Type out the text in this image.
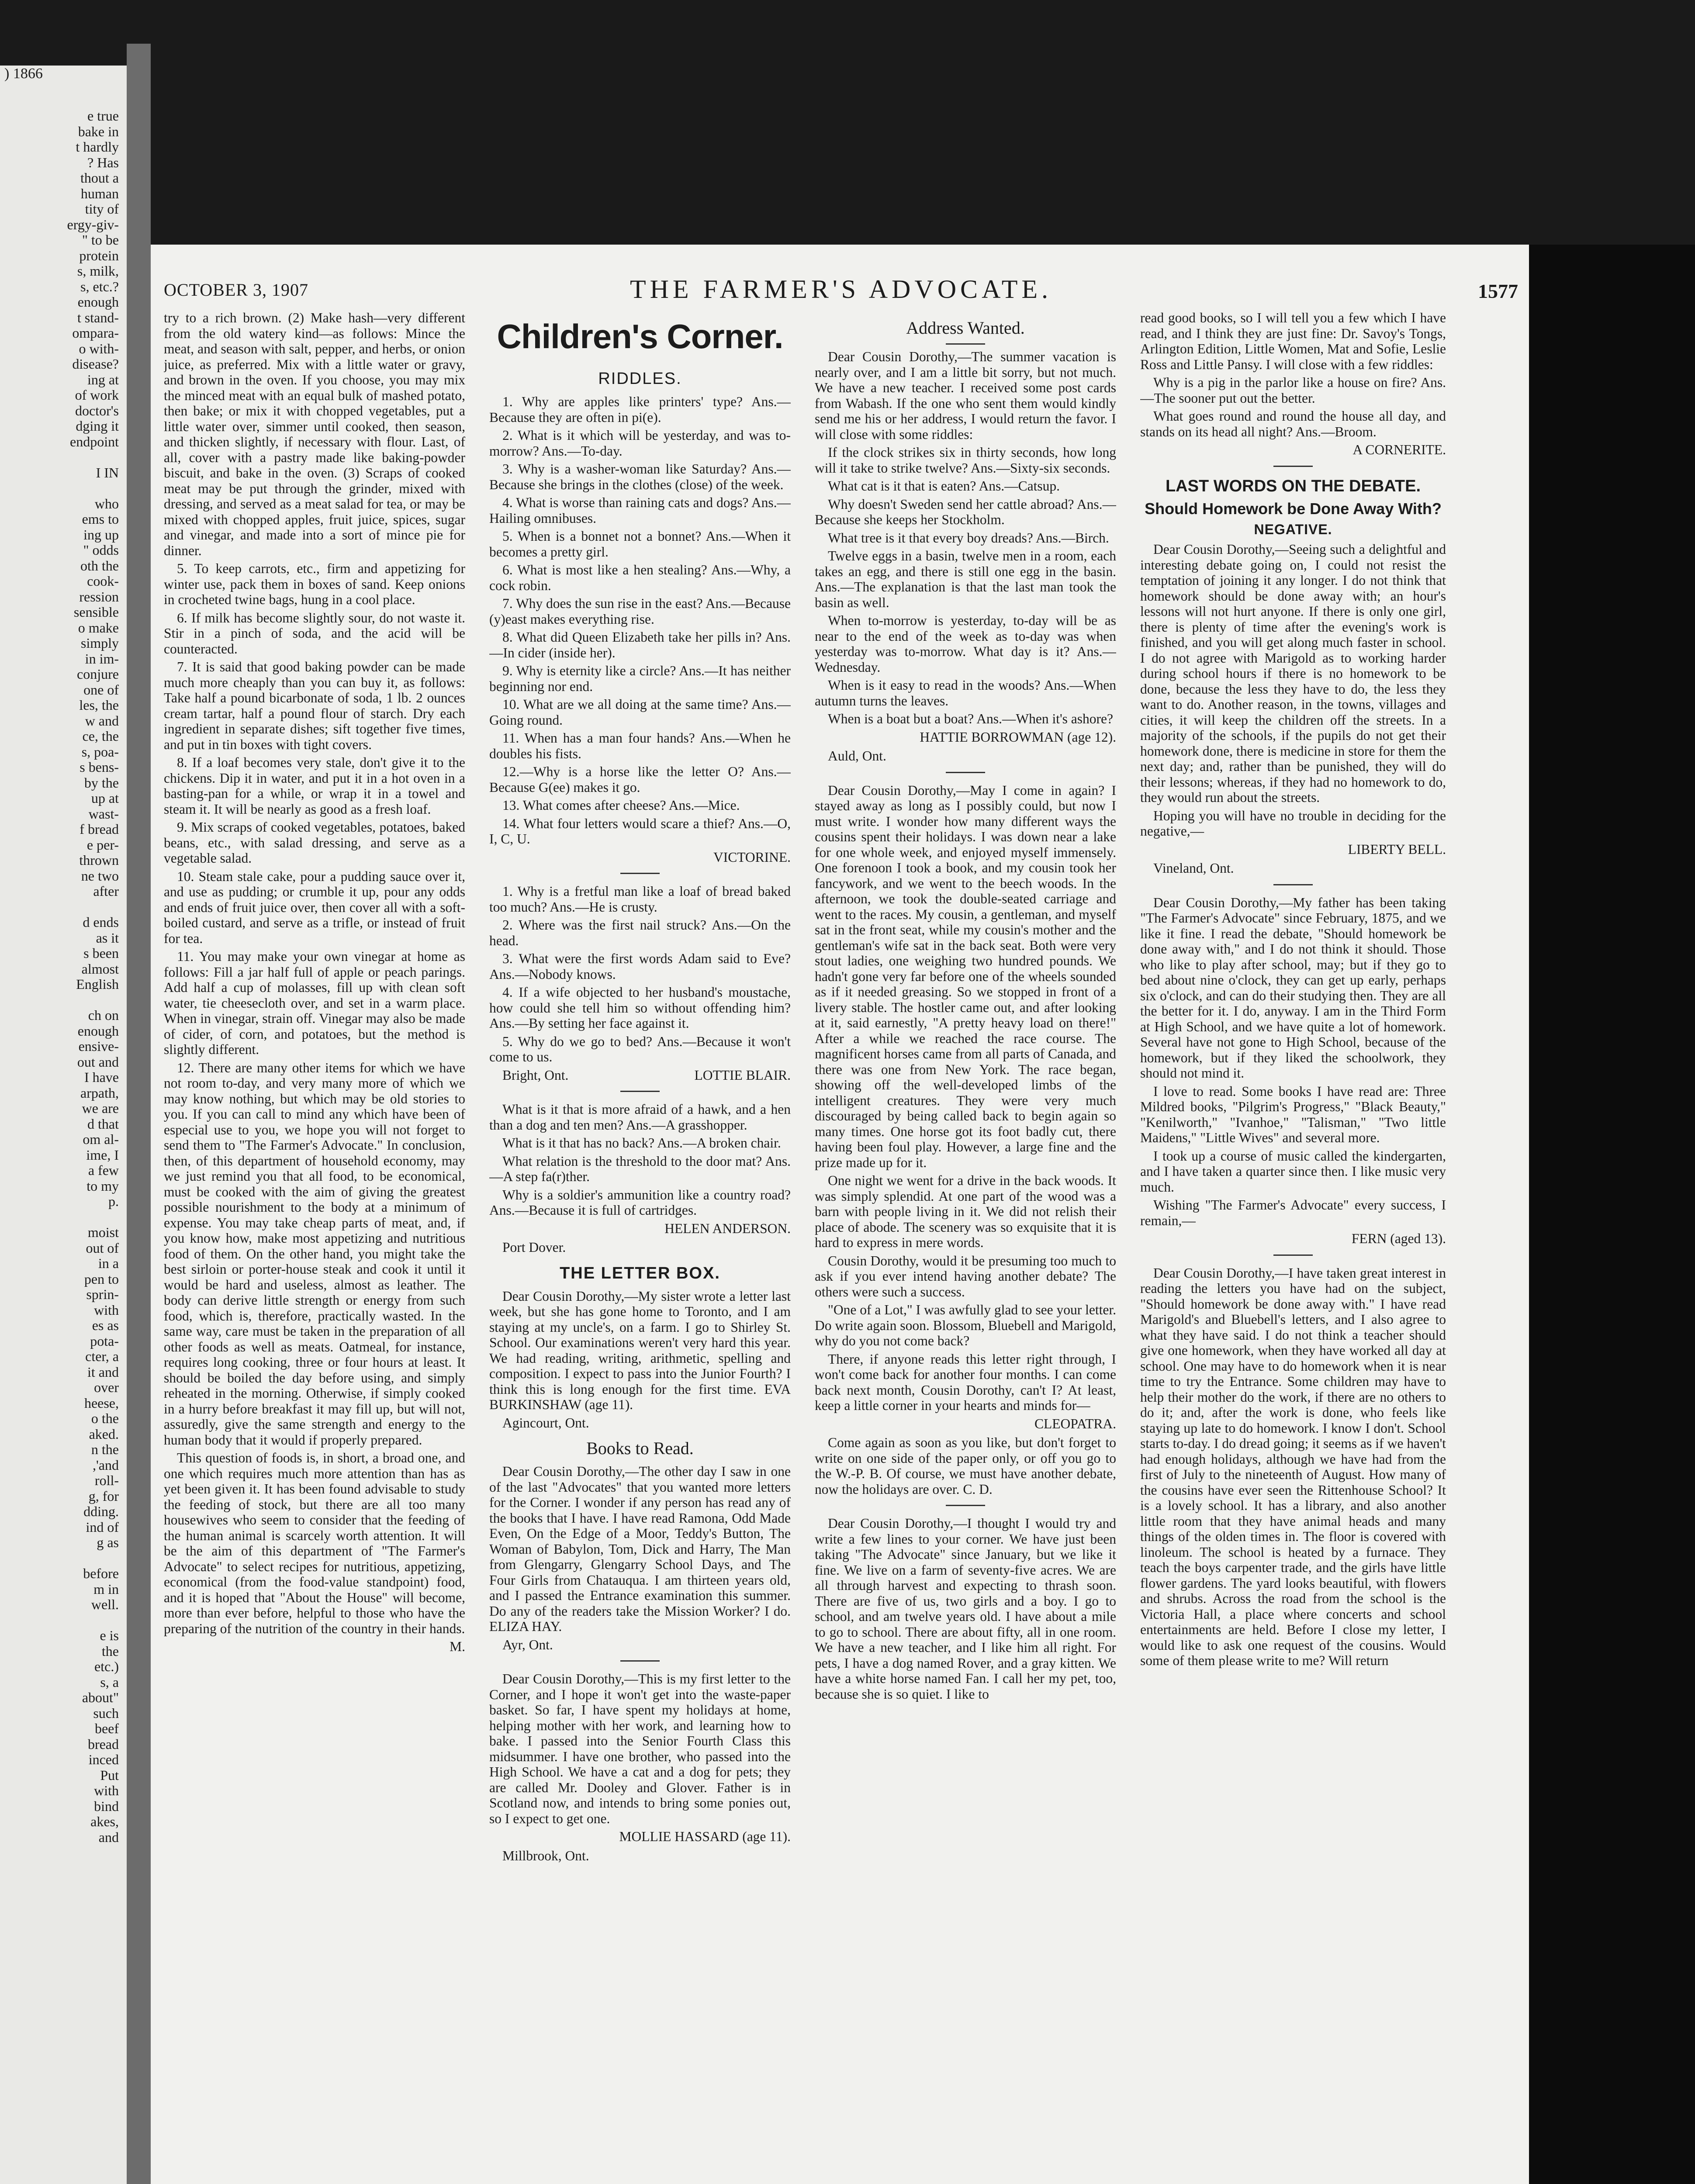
) 1866
e true
bake in
t hardly
? Has
thout a
human
tity of
ergy-giv-
" to be
protein
s, milk,
s, etc.?
enough
t stand-
ompara-
o with-
disease?
ing at
of work
doctor's
dging it
endpoint

I IN

who
ems to
ing up
" odds
oth the
cook-
ression
sensible
o make
simply
in im-
conjure
one of
les, the
w and
ce, the
s, poa-
s bens-
by the
up at
wast-
f bread
e per-
thrown
ne two
after

d ends
as it
s been
almost
English

ch on
enough
ensive-
out and
I have
arpath,
we are
d that
om al-
ime, I
a few
to my
p.

moist
out of
in a
pen to
sprin-
with
es as
pota-
cter, a
it and
over
heese,
o the
aked.
n the
,'and
roll-
g, for
dding.
ind of
g as

before
m in
well.

e is
the
etc.)
s, a
about"
such
beef
bread
inced
Put
with
bind
akes,
and
OCTOBER 3, 1907	THE FARMER'S ADVOCATE.	1577

try to a rich brown. (2) Make hash—very different from the old watery kind—as follows: Mince the meat, and season with salt, pepper, and herbs, or onion juice, as preferred. Mix with a little water or gravy, and brown in the oven. If you choose, you may mix the minced meat with an equal bulk of mashed potato, then bake; or mix it with chopped vegetables, put a little water over, simmer until cooked, then season, and thicken slightly, if necessary with flour. Last, of all, cover with a pastry made like baking-powder biscuit, and bake in the oven. (3) Scraps of cooked meat may be put through the grinder, mixed with dressing, and served as a meat salad for tea, or may be mixed with chopped apples, fruit juice, spices, sugar and vinegar, and made into a sort of mince pie for dinner.

5. To keep carrots, etc., firm and appetizing for winter use, pack them in boxes of sand. Keep onions in crocheted twine bags, hung in a cool place.

6. If milk has become slightly sour, do not waste it. Stir in a pinch of soda, and the acid will be counteracted.

7. It is said that good baking powder can be made much more cheaply than you can buy it, as follows: Take half a pound bicarbonate of soda, 1 lb. 2 ounces cream tartar, half a pound flour of starch. Dry each ingredient in separate dishes; sift together five times, and put in tin boxes with tight covers.

8. If a loaf becomes very stale, don't give it to the chickens. Dip it in water, and put it in a hot oven in a basting-pan for a while, or wrap it in a towel and steam it. It will be nearly as good as a fresh loaf.

9. Mix scraps of cooked vegetables, potatoes, baked beans, etc., with salad dressing, and serve as a vegetable salad.

10. Steam stale cake, pour a pudding sauce over it, and use as pudding; or crumble it up, pour any odds and ends of fruit juice over, then cover all with a soft-boiled custard, and serve as a trifle, or instead of fruit for tea.

11. You may make your own vinegar at home as follows: Fill a jar half full of apple or peach parings. Add half a cup of molasses, fill up with clean soft water, tie cheesecloth over, and set in a warm place. When in vinegar, strain off. Vinegar may also be made of cider, of corn, and potatoes, but the method is slightly different.

12. There are many other items for which we have not room to-day, and very many more of which we may know nothing, but which may be old stories to you. If you can call to mind any which have been of especial use to you, we hope you will not forget to send them to "The Farmer's Advocate." In conclusion, then, of this department of household economy, may we just remind you that all food, to be economical, must be cooked with the aim of giving the greatest possible nourishment to the body at a minimum of expense. You may take cheap parts of meat, and, if you know how, make most appetizing and nutritious food of them. On the other hand, you might take the best sirloin or porter-house steak and cook it until it would be hard and useless, almost as leather. The body can derive little strength or energy from such food, which is, therefore, practically wasted. In the same way, care must be taken in the preparation of all other foods as well as meats. Oatmeal, for instance, requires long cooking, three or four hours at least. It should be boiled the day before using, and simply reheated in the morning. Otherwise, if simply cooked in a hurry before breakfast it may fill up, but will not, assuredly, give the same strength and energy to the human body that it would if properly prepared.

This question of foods is, in short, a broad one, and one which requires much more attention than has as yet been given it. It has been found advisable to study the feeding of stock, but there are all too many housewives who seem to consider that the feeding of the human animal is scarcely worth attention. It will be the aim of this department of "The Farmer's Advocate" to select recipes for nutritious, appetizing, economical (from the food-value standpoint) food, and it is hoped that "About the House" will become, more than ever before, helpful to those who have the preparing of the nutrition of the country in their hands.

M.

Children's Corner.
RIDDLES.

1. Why are apples like printers' type? Ans.—Because they are often in pi(e).

2. What is it which will be yesterday, and was to-morrow? Ans.—To-day.

3. Why is a washer-woman like Saturday? Ans.—Because she brings in the clothes (close) of the week.

4. What is worse than raining cats and dogs? Ans.—Hailing omnibuses.

5. When is a bonnet not a bonnet? Ans.—When it becomes a pretty girl.

6. What is most like a hen stealing? Ans.—Why, a cock robin.

7. Why does the sun rise in the east? Ans.—Because (y)east makes everything rise.

8. What did Queen Elizabeth take her pills in? Ans.—In cider (inside her).

9. Why is eternity like a circle? Ans.—It has neither beginning nor end.

10. What are we all doing at the same time? Ans.—Going round.

11. When has a man four hands? Ans.—When he doubles his fists.

12.—Why is a horse like the letter O? Ans.—Because G(ee) makes it go.

13. What comes after cheese? Ans.—Mice.

14. What four letters would scare a thief? Ans.—O, I, C, U.

VICTORINE.

1. Why is a fretful man like a loaf of bread baked too much? Ans.—He is crusty.

2. Where was the first nail struck? Ans.—On the head.

3. What were the first words Adam said to Eve? Ans.—Nobody knows.

4. If a wife objected to her husband's moustache, how could she tell him so without offending him? Ans.—By setting her face against it.

5. Why do we go to bed? Ans.—Because it won't come to us.

Bright, Ont.	LOTTIE BLAIR.

What is it that is more afraid of a hawk, and a hen than a dog and ten men? Ans.—A grasshopper.

What is it that has no back? Ans.—A broken chair.

What relation is the threshold to the door mat? Ans.—A step fa(r)ther.

Why is a soldier's ammunition like a country road? Ans.—Because it is full of cartridges.

HELEN ANDERSON.

Port Dover.

THE LETTER BOX.

Dear Cousin Dorothy,—My sister wrote a letter last week, but she has gone home to Toronto, and I am staying at my uncle's, on a farm. I go to Shirley St. School. Our examinations weren't very hard this year. We had reading, writing, arithmetic, spelling and composition. I expect to pass into the Junior Fourth? I think this is long enough for the first time. EVA BURKINSHAW (age 11).

Agincourt, Ont.

Books to Read.

Dear Cousin Dorothy,—The other day I saw in one of the last "Advocates" that you wanted more letters for the Corner. I wonder if any person has read any of the books that I have. I have read Ramona, Odd Made Even, On the Edge of a Moor, Teddy's Button, The Woman of Babylon, Tom, Dick and Harry, The Man from Glengarry, Glengarry School Days, and The Four Girls from Chatauqua. I am thirteen years old, and I passed the Entrance examination this summer. Do any of the readers take the Mission Worker? I do. ELIZA HAY.

Ayr, Ont.

Dear Cousin Dorothy,—This is my first letter to the Corner, and I hope it won't get into the waste-paper basket. So far, I have spent my holidays at home, helping mother with her work, and learning how to bake. I passed into the Senior Fourth Class this midsummer. I have one brother, who passed into the High School. We have a cat and a dog for pets; they are called Mr. Dooley and Glover. Father is in Scotland now, and intends to bring some ponies out, so I expect to get one.

MOLLIE HASSARD (age 11).

Millbrook, Ont.

Address Wanted.

Dear Cousin Dorothy,—The summer vacation is nearly over, and I am a little bit sorry, but not much. We have a new teacher. I received some post cards from Wabash. If the one who sent them would kindly send me his or her address, I would return the favor. I will close with some riddles:

If the clock strikes six in thirty seconds, how long will it take to strike twelve? Ans.—Sixty-six seconds.

What cat is it that is eaten? Ans.—Catsup.

Why doesn't Sweden send her cattle abroad? Ans.—Because she keeps her Stockholm.

What tree is it that every boy dreads? Ans.—Birch.

Twelve eggs in a basin, twelve men in a room, each takes an egg, and there is still one egg in the basin. Ans.—The explanation is that the last man took the basin as well.

When to-morrow is yesterday, to-day will be as near to the end of the week as to-day was when yesterday was to-morrow. What day is it? Ans.—Wednesday.

When is it easy to read in the woods? Ans.—When autumn turns the leaves.

When is a boat but a boat? Ans.—When it's ashore?

HATTIE BORROWMAN (age 12).

Auld, Ont.

Dear Cousin Dorothy,—May I come in again? I stayed away as long as I possibly could, but now I must write. I wonder how many different ways the cousins spent their holidays. I was down near a lake for one whole week, and enjoyed myself immensely. One forenoon I took a book, and my cousin took her fancywork, and we went to the beech woods. In the afternoon, we took the double-seated carriage and went to the races. My cousin, a gentleman, and myself sat in the front seat, while my cousin's mother and the gentleman's wife sat in the back seat. Both were very stout ladies, one weighing two hundred pounds. We hadn't gone very far before one of the wheels sounded as if it needed greasing. So we stopped in front of a livery stable. The hostler came out, and after looking at it, said earnestly, "A pretty heavy load on there!" After a while we reached the race course. The magnificent horses came from all parts of Canada, and there was one from New York. The race began, showing off the well-developed limbs of the intelligent creatures. They were very much discouraged by being called back to begin again so many times. One horse got its foot badly cut, there having been foul play. However, a large fine and the prize made up for it.

One night we went for a drive in the back woods. It was simply splendid. At one part of the wood was a barn with people living in it. We did not relish their place of abode. The scenery was so exquisite that it is hard to express in mere words.

Cousin Dorothy, would it be presuming too much to ask if you ever intend having another debate? The others were such a success.

"One of a Lot," I was awfully glad to see your letter. Do write again soon. Blossom, Bluebell and Marigold, why do you not come back?

There, if anyone reads this letter right through, I won't come back for another four months. I can come back next month, Cousin Dorothy, can't I? At least, keep a little corner in your hearts and minds for—

CLEOPATRA.

Come again as soon as you like, but don't forget to write on one side of the paper only, or off you go to the W.-P. B. Of course, we must have another debate, now the holidays are over. C. D.

Dear Cousin Dorothy,—I thought I would try and write a few lines to your corner. We have just been taking "The Advocate" since January, but we like it fine. We live on a farm of seventy-five acres. We are all through harvest and expecting to thrash soon. There are five of us, two girls and a boy. I go to school, and am twelve years old. I have about a mile to go to school. There are about fifty, all in one room. We have a new teacher, and I like him all right. For pets, I have a dog named Rover, and a gray kitten. We have a white horse named Fan. I call her my pet, too, because she is so quiet. I like to

read good books, so I will tell you a few which I have read, and I think they are just fine: Dr. Savoy's Tongs, Arlington Edition, Little Women, Mat and Sofie, Leslie Ross and Little Pansy. I will close with a few riddles:

Why is a pig in the parlor like a house on fire? Ans.—The sooner put out the better.

What goes round and round the house all day, and stands on its head all night? Ans.—Broom.

A CORNERITE.

LAST WORDS ON THE DEBATE.
Should Homework be Done Away With?
NEGATIVE.

Dear Cousin Dorothy,—Seeing such a delightful and interesting debate going on, I could not resist the temptation of joining it any longer. I do not think that homework should be done away with; an hour's lessons will not hurt anyone. If there is only one girl, there is plenty of time after the evening's work is finished, and you will get along much faster in school. I do not agree with Marigold as to working harder during school hours if there is no homework to be done, because the less they have to do, the less they want to do. Another reason, in the towns, villages and cities, it will keep the children off the streets. In a majority of the schools, if the pupils do not get their homework done, there is medicine in store for them the next day; and, rather than be punished, they will do their lessons; whereas, if they had no homework to do, they would run about the streets.

Hoping you will have no trouble in deciding for the negative,—

LIBERTY BELL.

Vineland, Ont.

Dear Cousin Dorothy,—My father has been taking "The Farmer's Advocate" since February, 1875, and we like it fine. I read the debate, "Should homework be done away with," and I do not think it should. Those who like to play after school, may; but if they go to bed about nine o'clock, they can get up early, perhaps six o'clock, and can do their studying then. They are all the better for it. I do, anyway. I am in the Third Form at High School, and we have quite a lot of homework. Several have not gone to High School, because of the homework, but if they liked the schoolwork, they should not mind it.

I love to read. Some books I have read are: Three Mildred books, "Pilgrim's Progress," "Black Beauty," "Kenilworth," "Ivanhoe," "Talisman," "Two little Maidens," "Little Wives" and several more.

I took up a course of music called the kindergarten, and I have taken a quarter since then. I like music very much.

Wishing "The Farmer's Advocate" every success, I remain,—

FERN (aged 13).

Dear Cousin Dorothy,—I have taken great interest in reading the letters you have had on the subject, "Should homework be done away with." I have read Marigold's and Bluebell's letters, and I also agree to what they have said. I do not think a teacher should give one homework, when they have worked all day at school. One may have to do homework when it is near time to try the Entrance. Some children may have to help their mother do the work, if there are no others to do it; and, after the work is done, who feels like staying up late to do homework. I know I don't. School starts to-day. I do dread going; it seems as if we haven't had enough holidays, although we have had from the first of July to the nineteenth of August. How many of the cousins have ever seen the Rittenhouse School? It is a lovely school. It has a library, and also another little room that they have animal heads and many things of the olden times in. The floor is covered with linoleum. The school is heated by a furnace. They teach the boys carpenter trade, and the girls have little flower gardens. The yard looks beautiful, with flowers and shrubs. Across the road from the school is the Victoria Hall, a place where concerts and school entertainments are held. Before I close my letter, I would like to ask one request of the cousins. Would some of them please write to me? Will return
